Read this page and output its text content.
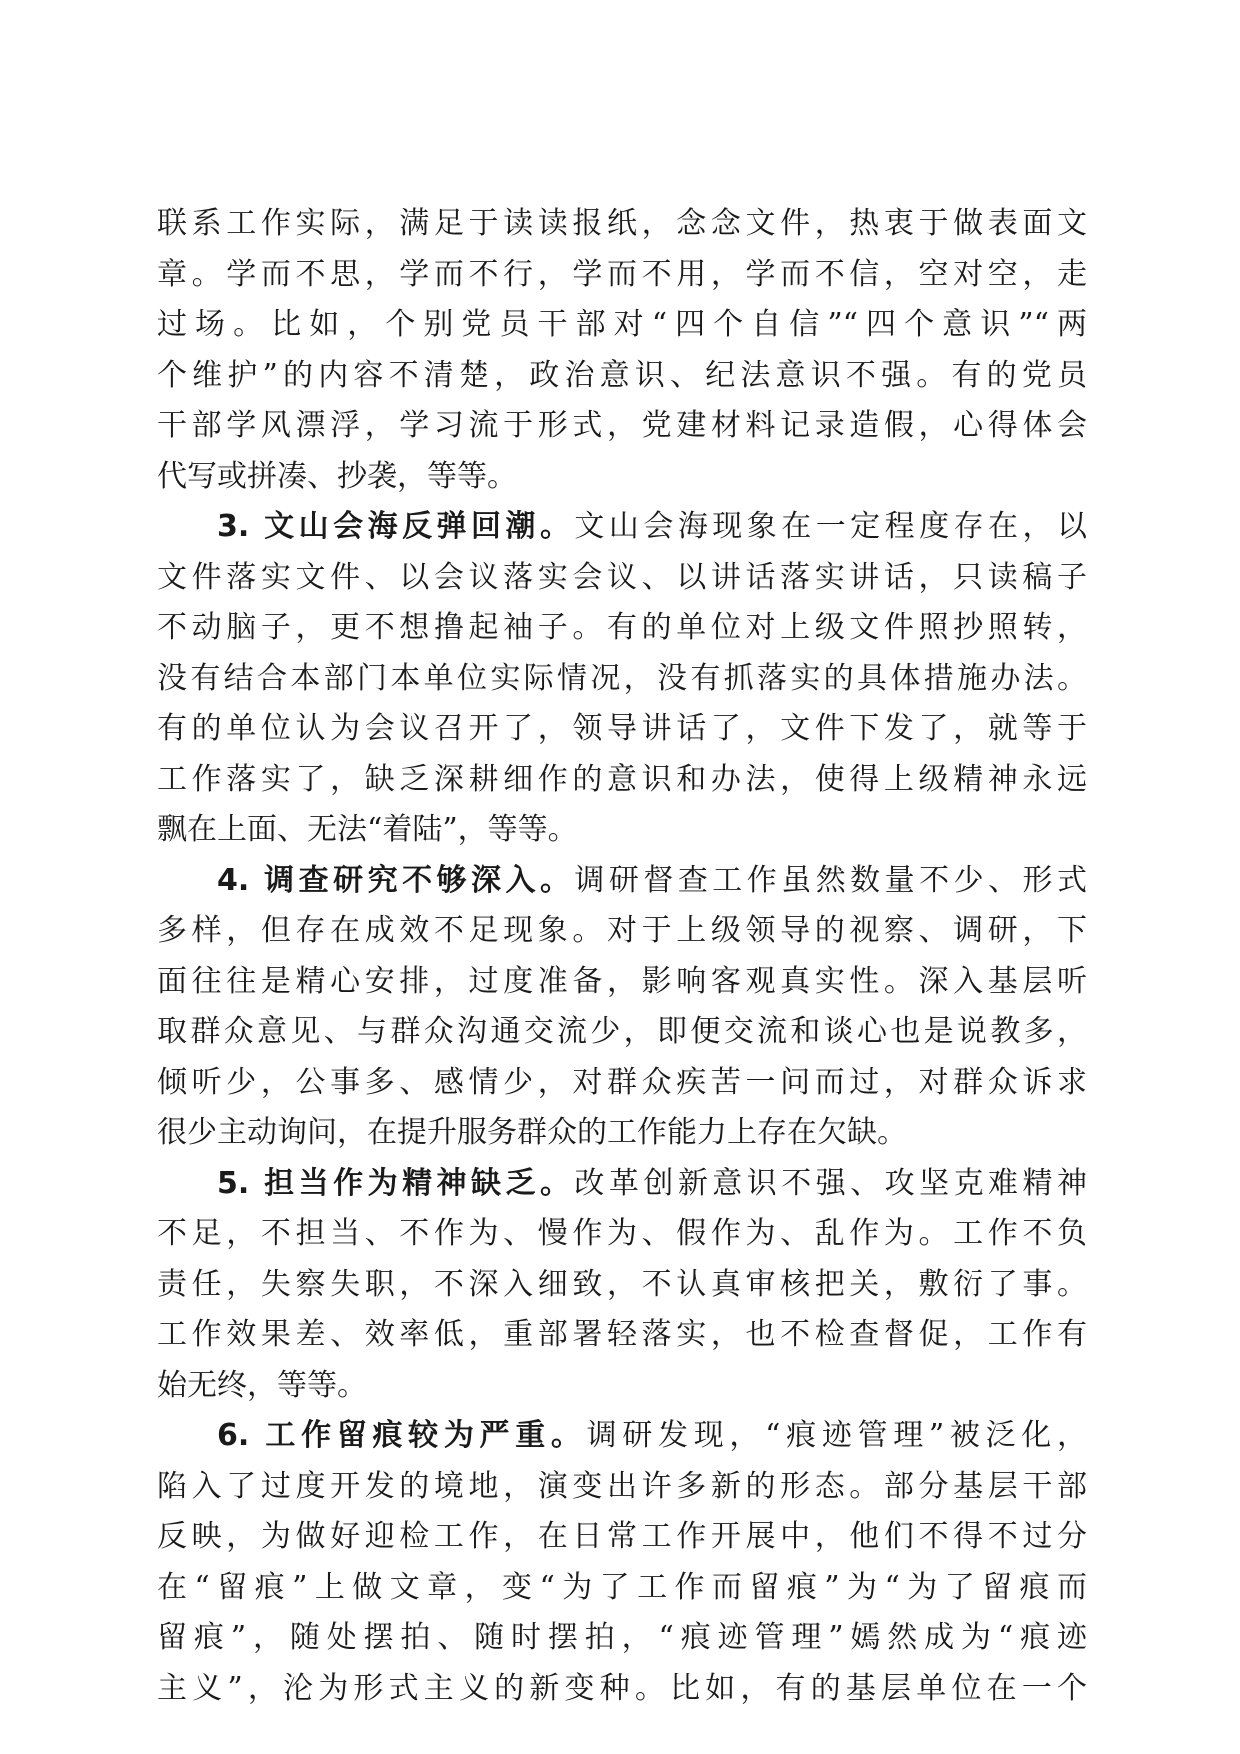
联系工作实际，满足于读读报纸，念念文件，热衷于做表面文
章。学而不思，学而不行，学而不用，学而不信，空对空，走
过场。比如，个别党员干部对“四个自信”“四个意识”“两
个维护”的内容不清楚，政治意识、纪法意识不强。有的党员
干部学风漂浮，学习流于形式，党建材料记录造假，心得体会
代写或拼凑、抄袭，等等。
3. 文山会海反弹回潮。文山会海现象在一定程度存在，以
文件落实文件、以会议落实会议、以讲话落实讲话，只读稿子
不动脑子，更不想撸起袖子。有的单位对上级文件照抄照转，
没有结合本部门本单位实际情况，没有抓落实的具体措施办法。
有的单位认为会议召开了，领导讲话了，文件下发了，就等于
工作落实了，缺乏深耕细作的意识和办法，使得上级精神永远
飘在上面、无法“着陆”，等等。
4. 调查研究不够深入。调研督查工作虽然数量不少、形式
多样，但存在成效不足现象。对于上级领导的视察、调研，下
面往往是精心安排，过度准备，影响客观真实性。深入基层听
取群众意见、与群众沟通交流少，即便交流和谈心也是说教多，
倾听少，公事多、感情少，对群众疾苦一问而过，对群众诉求
很少主动询问，在提升服务群众的工作能力上存在欠缺。
5. 担当作为精神缺乏。改革创新意识不强、攻坚克难精神
不足，不担当、不作为、慢作为、假作为、乱作为。工作不负
责任，失察失职，不深入细致，不认真审核把关，敷衍了事。
工作效果差、效率低，重部署轻落实，也不检查督促，工作有
始无终，等等。
6. 工作留痕较为严重。调研发现，“痕迹管理”被泛化，
陷入了过度开发的境地，演变出许多新的形态。部分基层干部
反映，为做好迎检工作，在日常工作开展中，他们不得不过分
在“留痕”上做文章，变“为了工作而留痕”为“为了留痕而
留痕”，随处摆拍、随时摆拍，“痕迹管理”嫣然成为“痕迹
主义”，沦为形式主义的新变种。比如，有的基层单位在一个
